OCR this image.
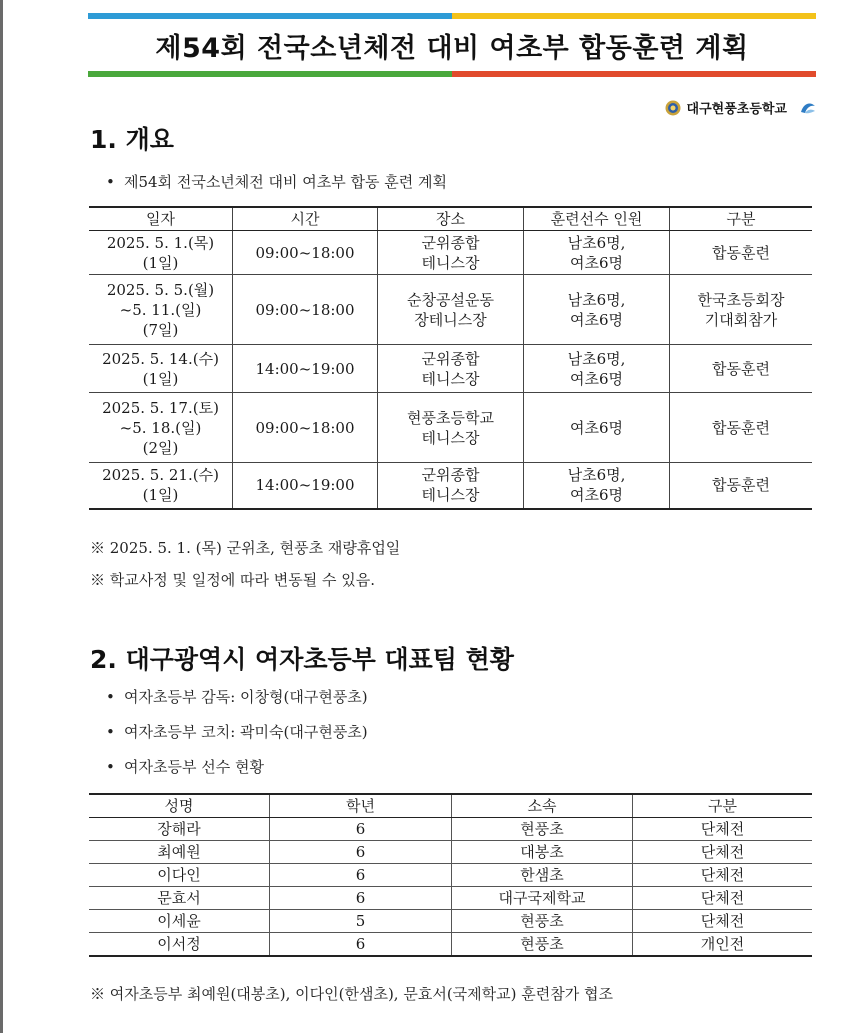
제54회 전국소년체전 대비 여초부 합동훈련 계획
대구현풍초등학교
1. 개요
• 제54회 전국소년체전 대비 여초부 합동 훈련 계획
일자	시간	장소	훈련선수 인원	구분

2025. 5. 1.(목)
(1일)	09:00~18:00	군위종합
테니스장	남초6명,
여초6명	합동훈련

2025. 5. 5.(월)
~5. 11.(일)
(7일)	09:00~18:00	순창공설운동
장테니스장	남초6명,
여초6명	한국초등회장
기대회참가

2025. 5. 14.(수)
(1일)	14:00~19:00	군위종합
테니스장	남초6명,
여초6명	합동훈련

2025. 5. 17.(토)
~5. 18.(일)
(2일)	09:00~18:00	현풍초등학교
테니스장	여초6명	합동훈련

2025. 5. 21.(수)
(1일)	14:00~19:00	군위종합
테니스장	남초6명,
여초6명	합동훈련
※ 2025. 5. 1. (목) 군위초, 현풍초 재량휴업일
※ 학교사정 및 일정에 따라 변동될 수 있음.
2. 대구광역시 여자초등부 대표팀 현황
• 여자초등부 감독: 이창형(대구현풍초)
• 여자초등부 코치: 곽미숙(대구현풍초)
• 여자초등부 선수 현황
성명	학년	소속	구분
장해라	6	현풍초	단체전
최예원	6	대봉초	단체전
이다인	6	한샘초	단체전
문효서	6	대구국제학교	단체전
이세윤	5	현풍초	단체전
이서정	6	현풍초	개인전
※ 여자초등부 최예원(대봉초), 이다인(한샘초), 문효서(국제학교) 훈련참가 협조
